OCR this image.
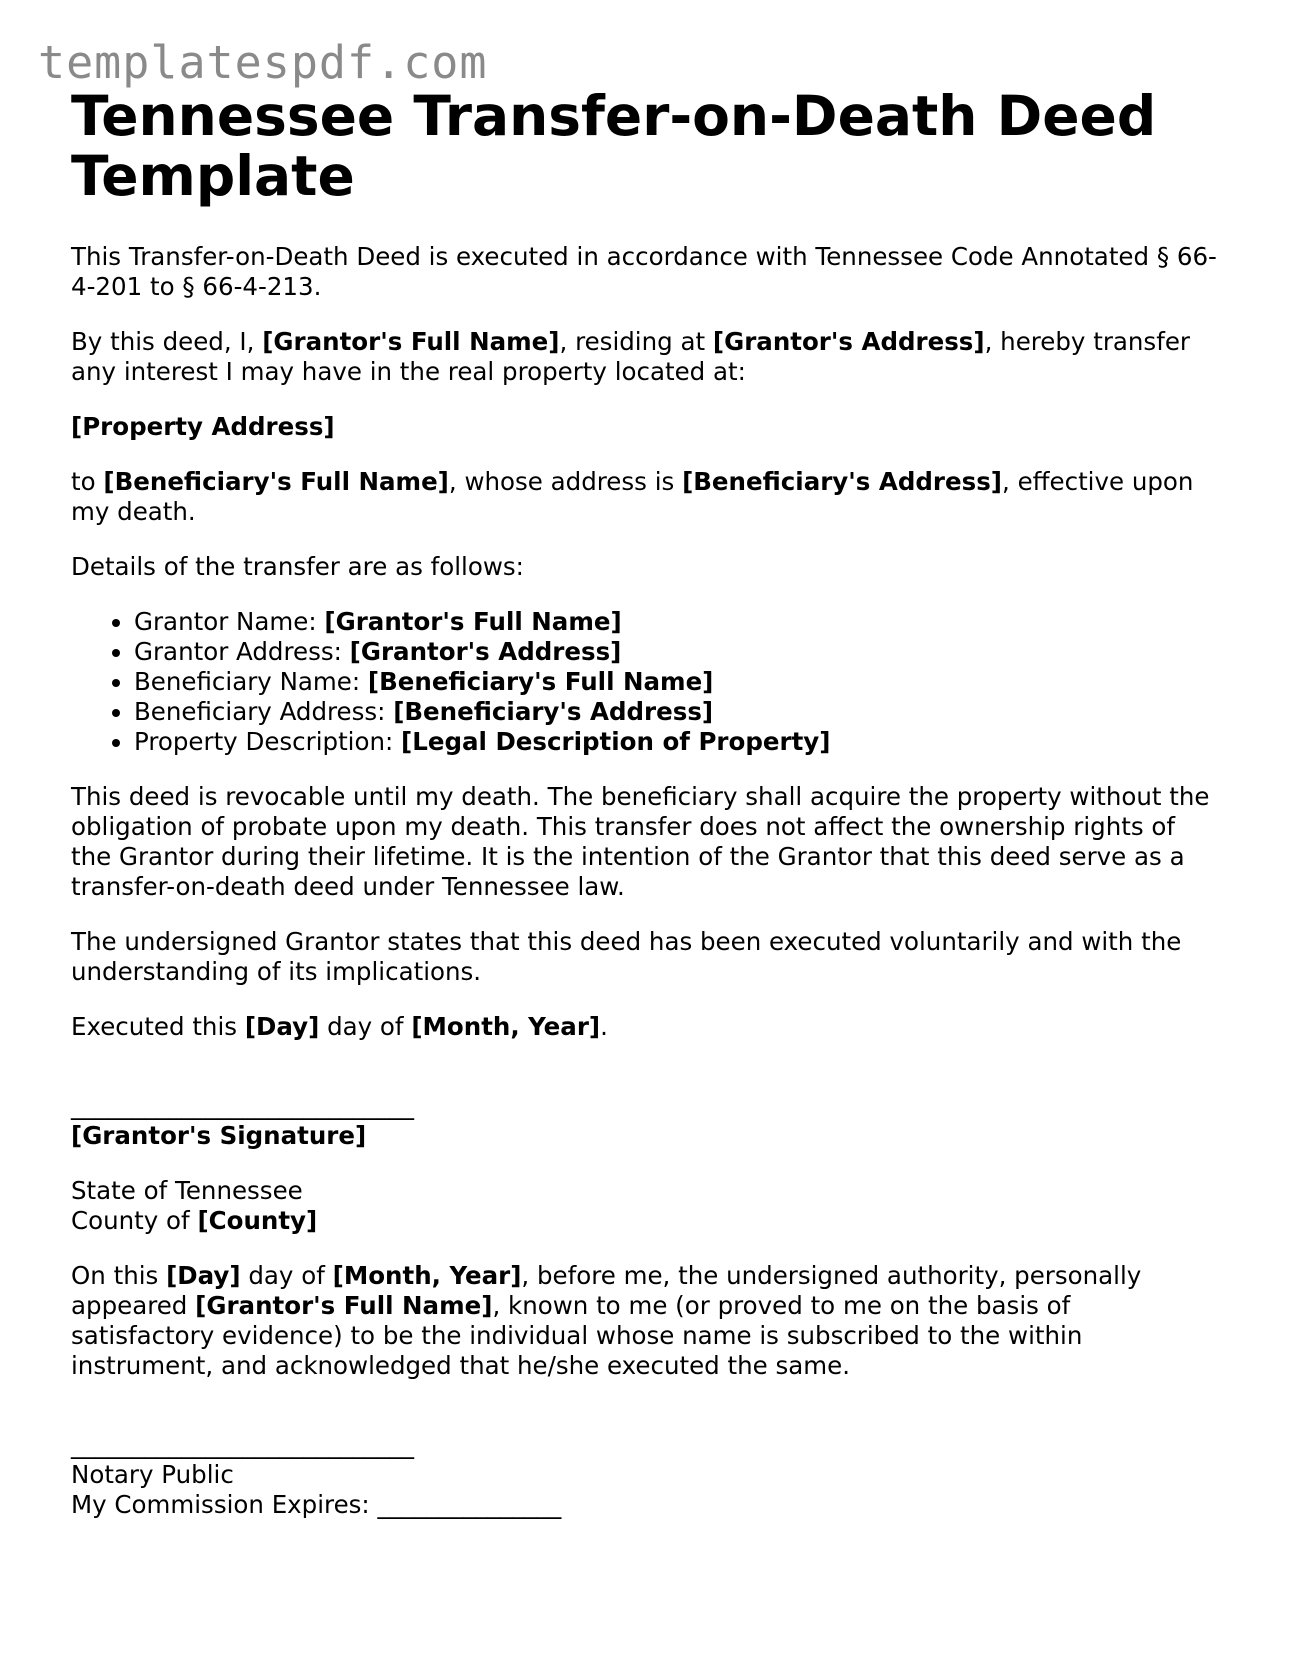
templatespdf.com
Tennessee Transfer-on-Death Deed Template

This Transfer-on-Death Deed is executed in accordance with Tennessee Code Annotated § 66-4-201 to § 66-4-213.

By this deed, I, [Grantor's Full Name], residing at [Grantor's Address], hereby transfer any interest I may have in the real property located at:

[Property Address]

to [Beneficiary's Full Name], whose address is [Beneficiary's Address], effective upon my death.

Details of the transfer are as follows:

• Grantor Name: [Grantor's Full Name]
• Grantor Address: [Grantor's Address]
• Beneficiary Name: [Beneficiary's Full Name]
• Beneficiary Address: [Beneficiary's Address]
• Property Description: [Legal Description of Property]

This deed is revocable until my death. The beneficiary shall acquire the property without the obligation of probate upon my death. This transfer does not affect the ownership rights of the Grantor during their lifetime. It is the intention of the Grantor that this deed serve as a transfer-on-death deed under Tennessee law.

The undersigned Grantor states that this deed has been executed voluntarily and with the understanding of its implications.

Executed this [Day] day of [Month, Year].

____________________________
[Grantor's Signature]
State of Tennessee
County of [County]

On this [Day] day of [Month, Year], before me, the undersigned authority, personally appeared [Grantor's Full Name], known to me (or proved to me on the basis of satisfactory evidence) to be the individual whose name is subscribed to the within instrument, and acknowledged that he/she executed the same.

____________________________
Notary Public
My Commission Expires: _______________
